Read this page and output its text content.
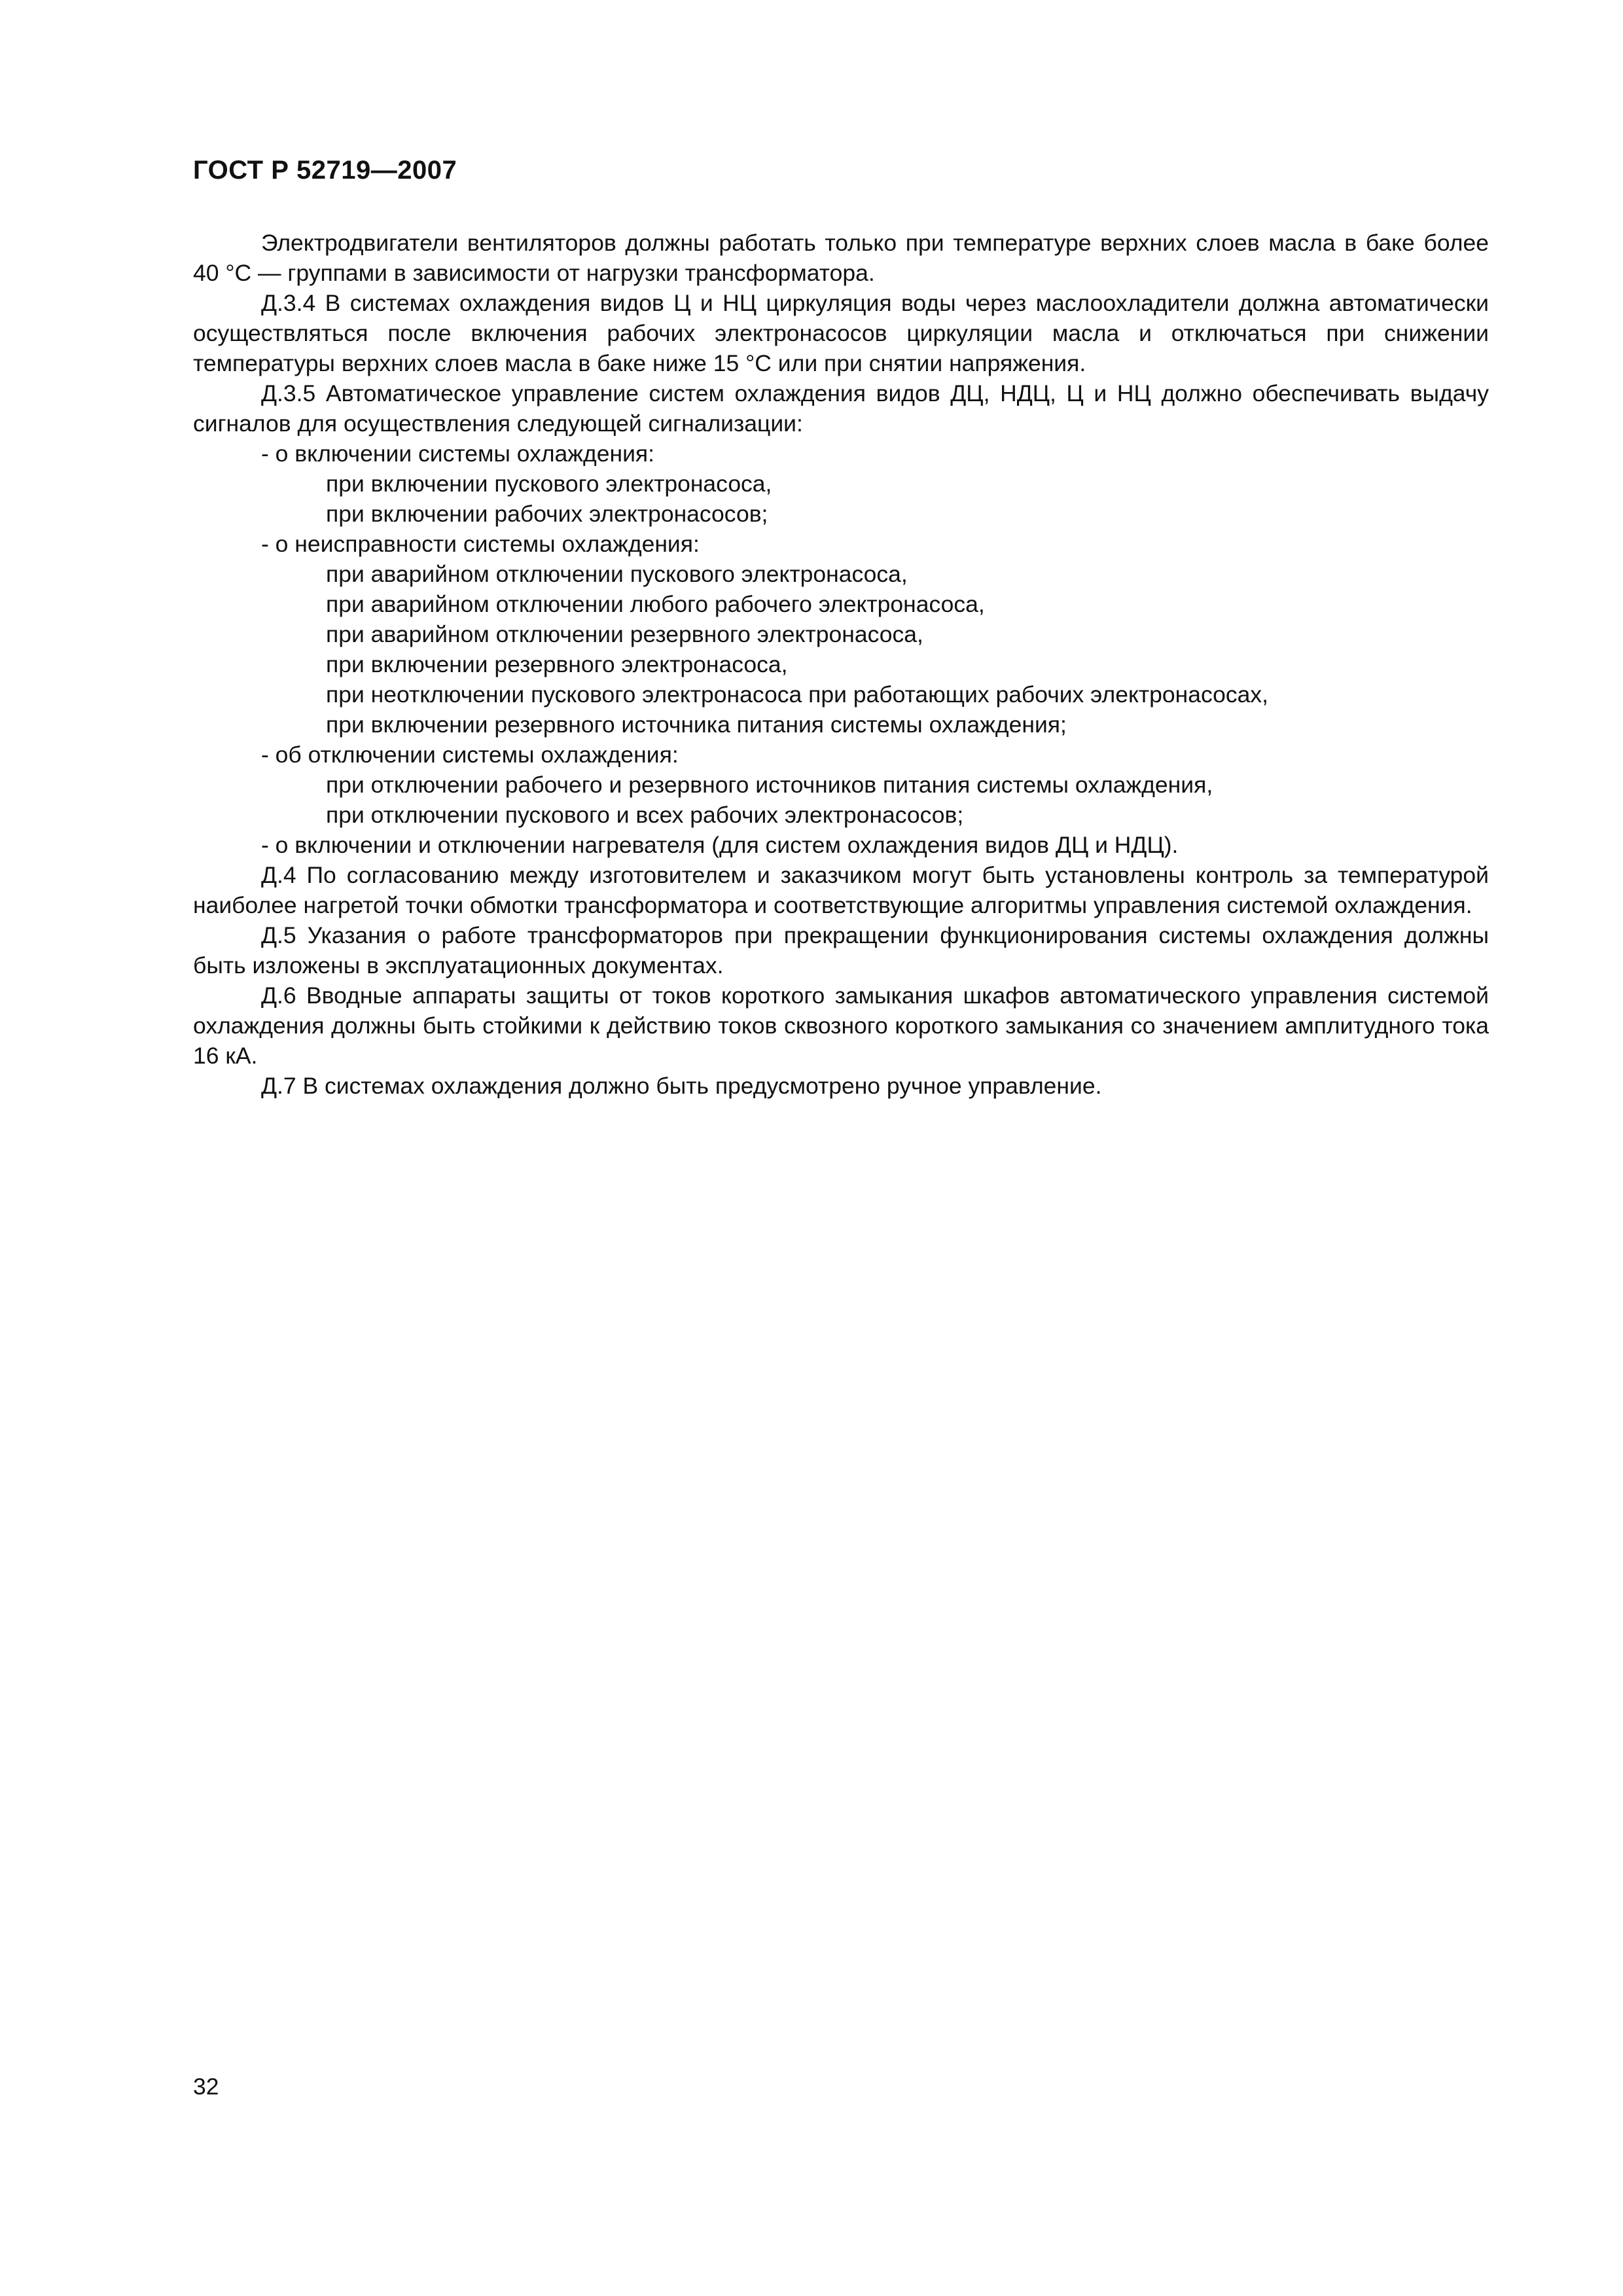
ГОСТ Р 52719—2007

Электродвигатели вентиляторов должны работать только при температуре верхних слоев масла в баке более 40 °С — группами в зависимости от нагрузки трансформатора.

Д.3.4 В системах охлаждения видов Ц и НЦ циркуляция воды через маслоохладители должна автоматически осуществляться после включения рабочих электронасосов циркуляции масла и отключаться при снижении температуры верхних слоев масла в баке ниже 15 °С или при снятии напряжения.

Д.3.5 Автоматическое управление систем охлаждения видов ДЦ, НДЦ, Ц и НЦ должно обеспечивать выдачу сигналов для осуществления следующей сигнализации:

- о включении системы охлаждения:

при включении пускового электронасоса,

при включении рабочих электронасосов;

- о неисправности системы охлаждения:

при аварийном отключении пускового электронасоса,

при аварийном отключении любого рабочего электронасоса,

при аварийном отключении резервного электронасоса,

при включении резервного электронасоса,

при неотключении пускового электронасоса при работающих рабочих электронасосах,

при включении резервного источника питания системы охлаждения;

- об отключении системы охлаждения:

при отключении рабочего и резервного источников питания системы охлаждения,

при отключении пускового и всех рабочих электронасосов;

- о включении и отключении нагревателя (для систем охлаждения видов ДЦ и НДЦ).

Д.4 По согласованию между изготовителем и заказчиком могут быть установлены контроль за температурой наиболее нагретой точки обмотки трансформатора и соответствующие алгоритмы управления системой охлаждения.

Д.5 Указания о работе трансформаторов при прекращении функционирования системы охлаждения должны быть изложены в эксплуатационных документах.

Д.6 Вводные аппараты защиты от токов короткого замыкания шкафов автоматического управления системой охлаждения должны быть стойкими к действию токов сквозного короткого замыкания со значением амплитудного тока 16 кА.

Д.7 В системах охлаждения должно быть предусмотрено ручное управление.

32
